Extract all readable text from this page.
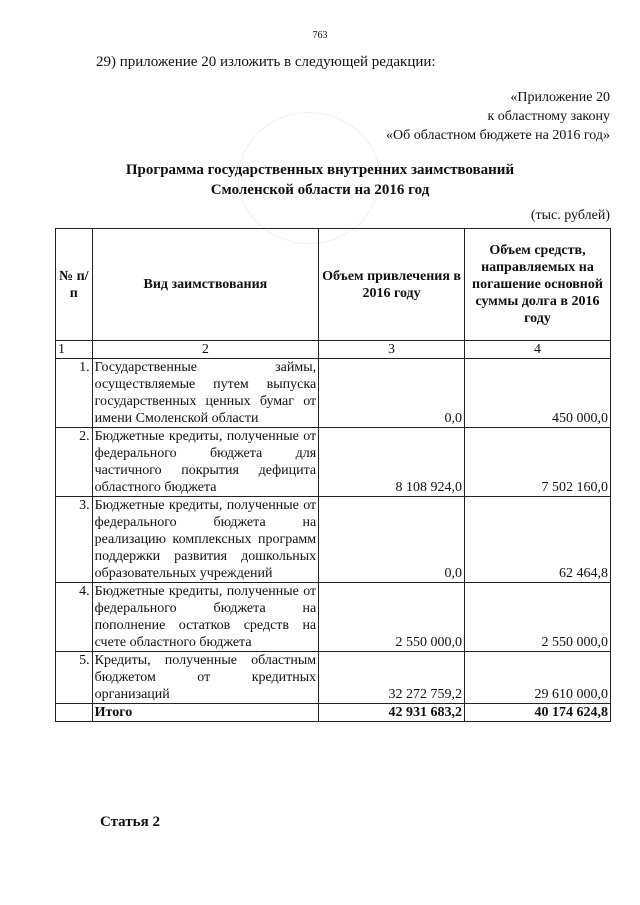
763
29) приложение 20 изложить в следующей редакции:
«Приложение 20
к областному закону
«Об областном бюджете на 2016 год»
Программа государственных внутренних заимствований
Смоленской области на 2016 год
(тыс. рублей)
№ п/п	Вид заимствования	Объем привлечения в 2016 году	Объем средств, направляемых на погашение основной суммы долга в 2016 году
1	2	3	4
1.	Государственные займы, осуществляемые путем выпуска государственных ценных бумаг от имени Смоленской области	0,0	450 000,0
2.	Бюджетные кредиты, полученные от федерального бюджета для частичного покрытия дефицита областного бюджета	8 108 924,0	7 502 160,0
3.	Бюджетные кредиты, полученные от федерального бюджета на реализацию комплексных программ поддержки развития дошкольных образовательных учреждений	0,0	62 464,8
4.	Бюджетные кредиты, полученные от федерального бюджета на пополнение остатков средств на счете областного бюджета	2 550 000,0	2 550 000,0
5.	Кредиты, полученные областным бюджетом от кредитных организаций	32 272 759,2	29 610 000,0
	Итого	42 931 683,2	40 174 624,8
Статья 2
